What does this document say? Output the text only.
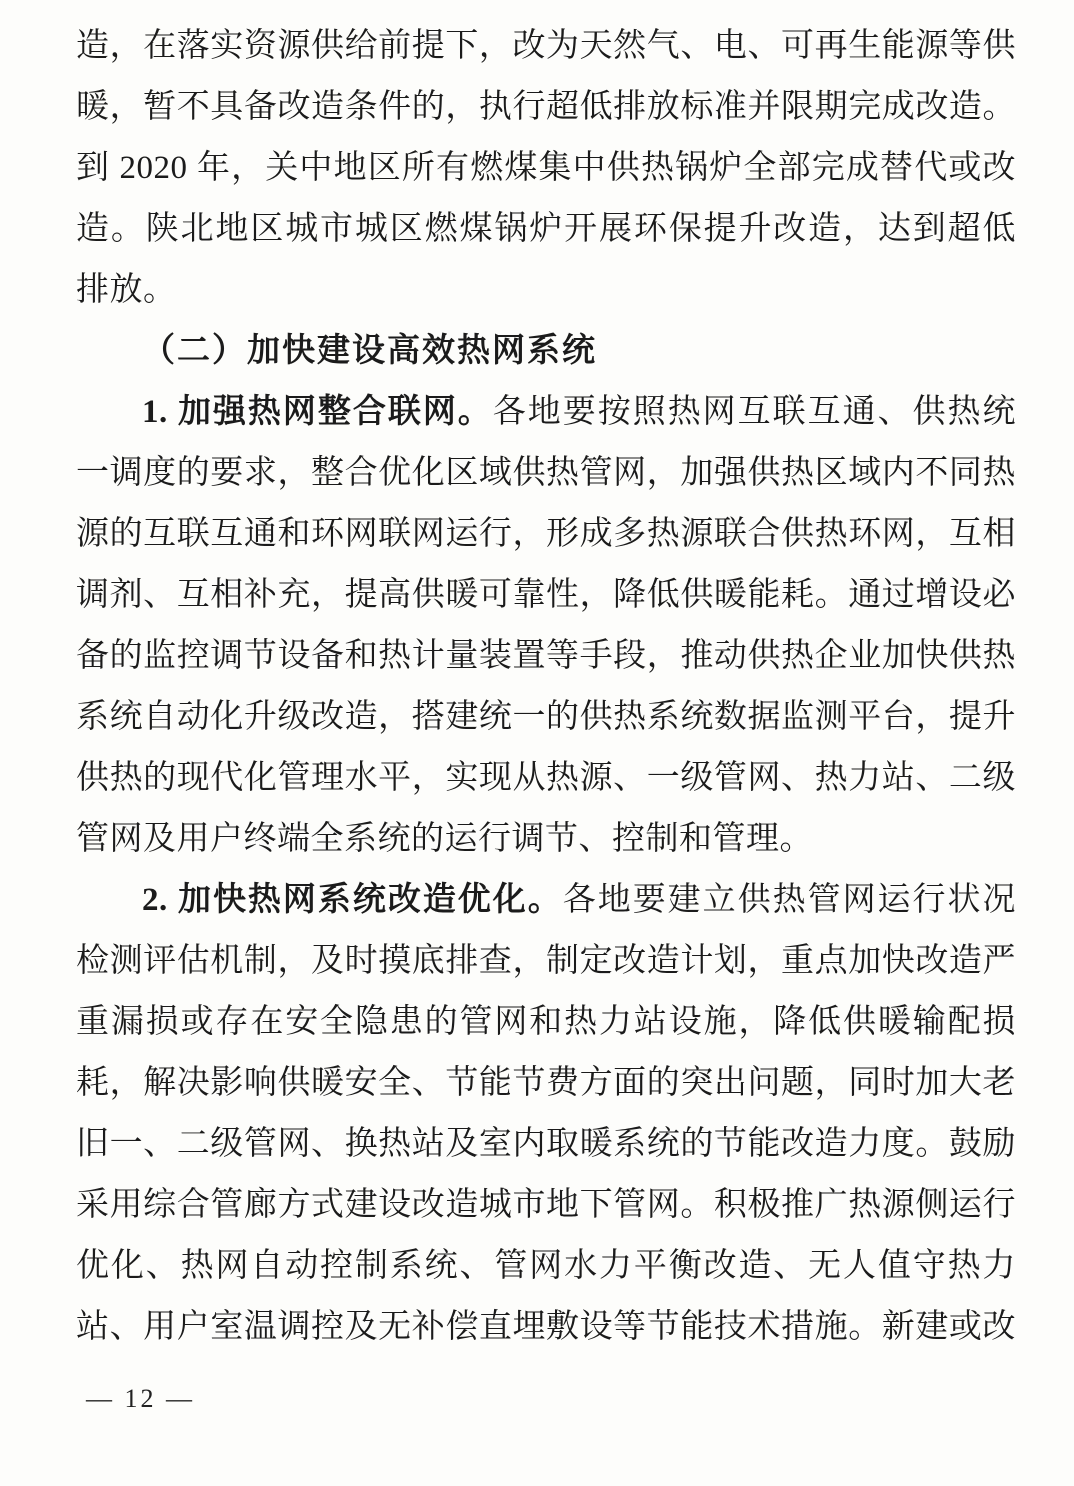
造，在落实资源供给前提下，改为天然气、电、可再生能源等供

暖，暂不具备改造条件的，执行超低排放标准并限期完成改造。

到 2020 年，关中地区所有燃煤集中供热锅炉全部完成替代或改

造。陕北地区城市城区燃煤锅炉开展环保提升改造，达到超低

排放。

（二）加快建设高效热网系统

1. 加强热网整合联网。各地要按照热网互联互通、供热统

一调度的要求，整合优化区域供热管网，加强供热区域内不同热

源的互联互通和环网联网运行，形成多热源联合供热环网，互相

调剂、互相补充，提高供暖可靠性，降低供暖能耗。通过增设必

备的监控调节设备和热计量装置等手段，推动供热企业加快供热

系统自动化升级改造，搭建统一的供热系统数据监测平台，提升

供热的现代化管理水平，实现从热源、一级管网、热力站、二级

管网及用户终端全系统的运行调节、控制和管理。

2. 加快热网系统改造优化。各地要建立供热管网运行状况

检测评估机制，及时摸底排查，制定改造计划，重点加快改造严

重漏损或存在安全隐患的管网和热力站设施，降低供暖输配损

耗，解决影响供暖安全、节能节费方面的突出问题，同时加大老

旧一、二级管网、换热站及室内取暖系统的节能改造力度。鼓励

采用综合管廊方式建设改造城市地下管网。积极推广热源侧运行

优化、热网自动控制系统、管网水力平衡改造、无人值守热力

站、用户室温调控及无补偿直埋敷设等节能技术措施。新建或改

— 12 —
